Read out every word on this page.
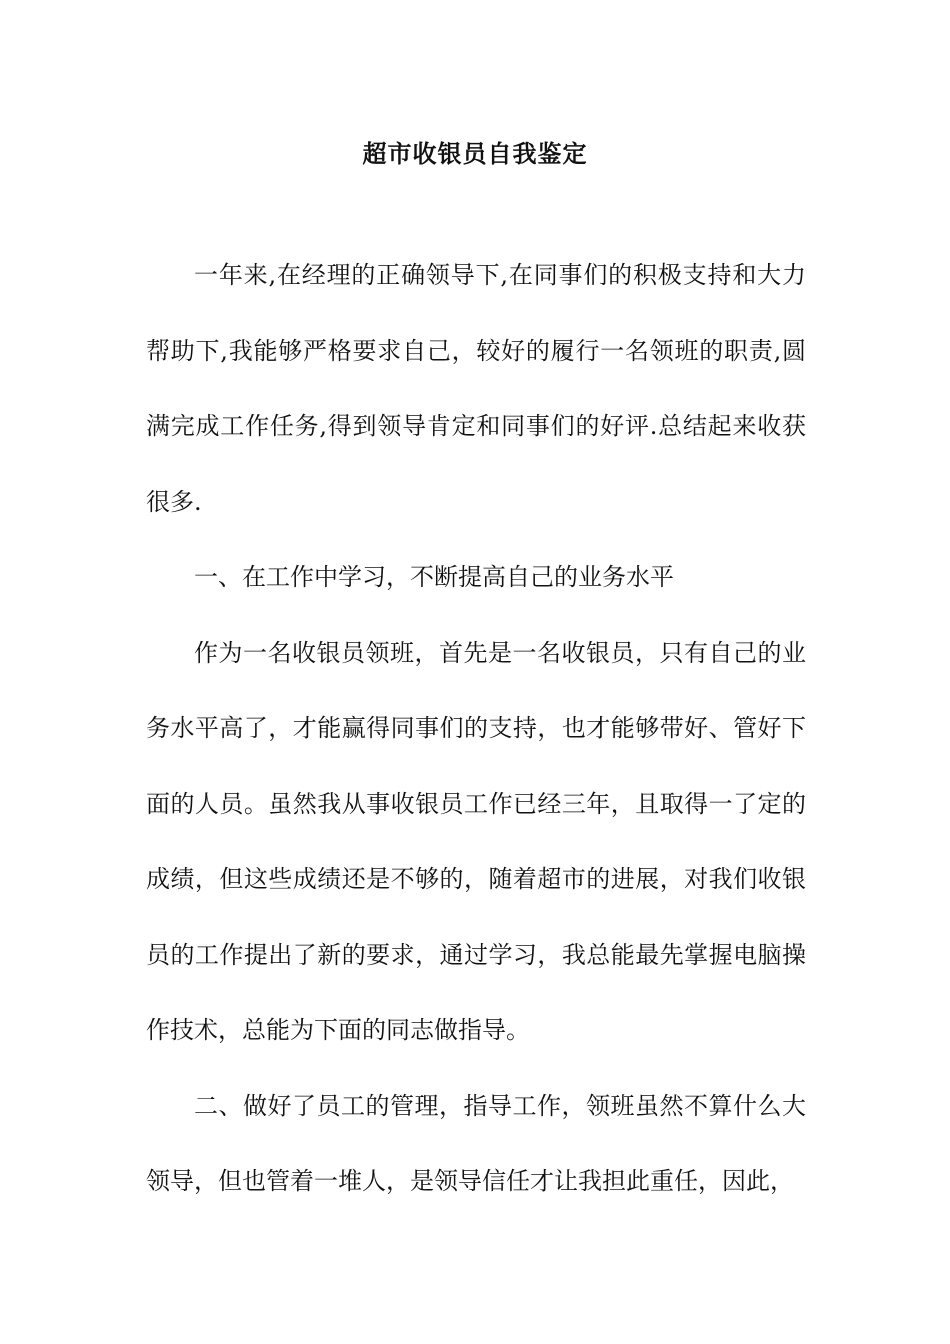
超市收银员自我鉴定

一年来,在经理的正确领导下,在同事们的积极支持和大力帮助下,我能够严格要求自己，较好的履行一名领班的职责,圆满完成工作任务,得到领导肯定和同事们的好评.总结起来收获很多.

一、在工作中学习，不断提高自己的业务水平

作为一名收银员领班，首先是一名收银员，只有自己的业务水平高了，才能赢得同事们的支持，也才能够带好、管好下面的人员。虽然我从事收银员工作已经三年，且取得一了定的成绩，但这些成绩还是不够的，随着超市的进展，对我们收银员的工作提出了新的要求，通过学习，我总能最先掌握电脑操作技术，总能为下面的同志做指导。

二、做好了员工的管理，指导工作，领班虽然不算什么大领导，但也管着一堆人，是领导信任才让我担此重任，因此，
